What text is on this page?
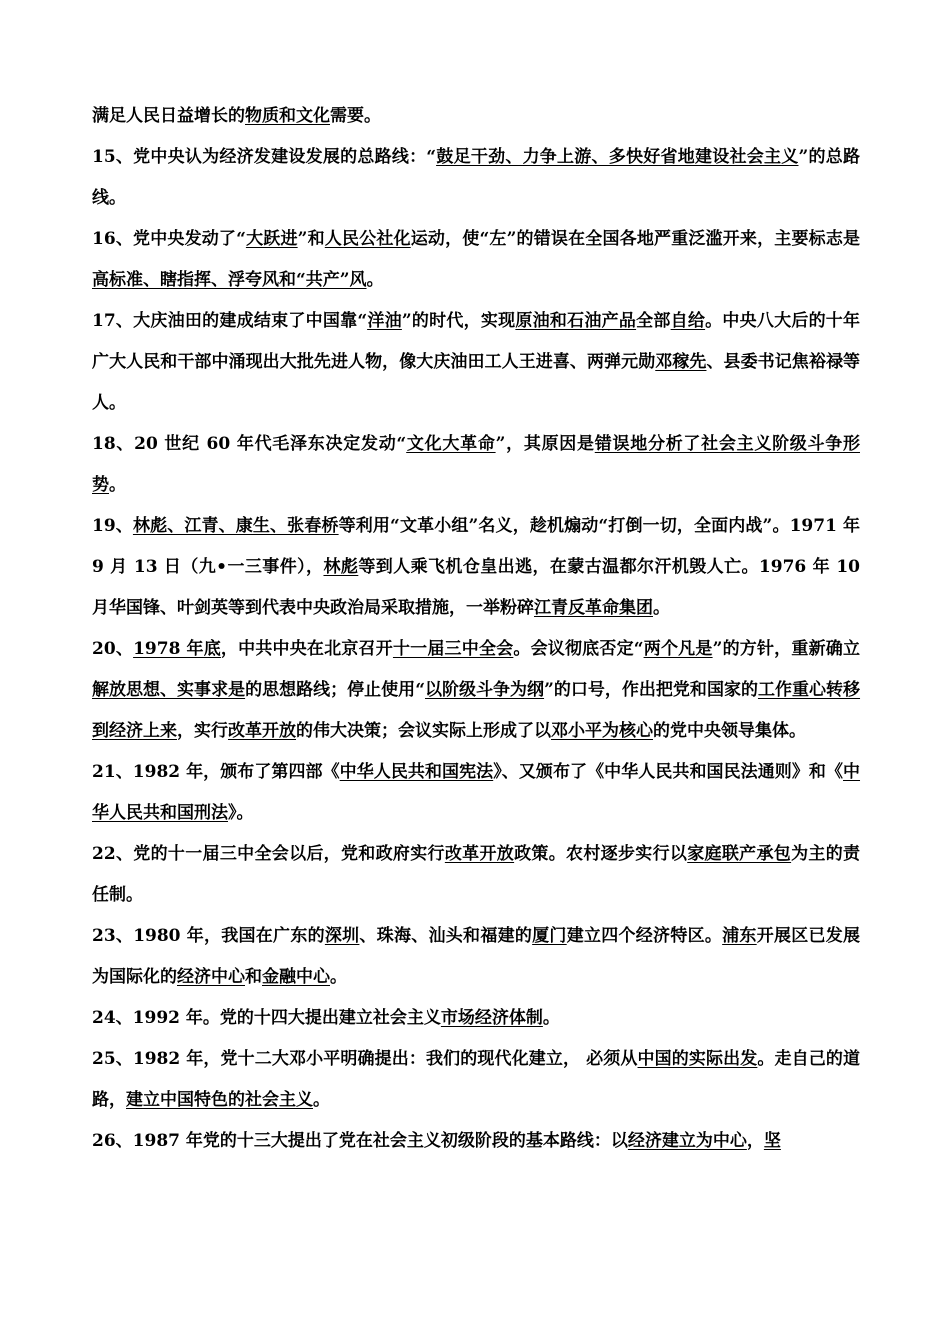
满足人民日益增长的物质和文化需要。

15、党中央认为经济发建设发展的总路线：“鼓足干劲、力争上游、多快好省地建设社会主义”的总路线。

16、党中央发动了“大跃进”和人民公社化运动，使“左”的错误在全国各地严重泛滥开来，主要标志是高标准、瞎指挥、浮夸风和“共产”风。

17、大庆油田的建成结束了中国靠“洋油”的时代，实现原油和石油产品全部自给。中央八大后的十年广大人民和干部中涌现出大批先进人物，像大庆油田工人王进喜、两弹元勋邓稼先、县委书记焦裕禄等人。

18、20 世纪 60 年代毛泽东决定发动“文化大革命”，其原因是错误地分析了社会主义阶级斗争形势。

19、林彪、江青、康生、张春桥等利用“文革小组”名义，趁机煽动“打倒一切，全面内战”。1971 年 9 月 13 日（九•一三事件），林彪等到人乘飞机仓皇出逃，在蒙古温都尔汗机毁人亡。1976 年 10 月华国锋、叶剑英等到代表中央政治局采取措施，一举粉碎江青反革命集团。

20、1978 年底，中共中央在北京召开十一届三中全会。会议彻底否定“两个凡是”的方针，重新确立解放思想、实事求是的思想路线；停止使用“以阶级斗争为纲”的口号，作出把党和国家的工作重心转移到经济上来，实行改革开放的伟大决策；会议实际上形成了以邓小平为核心的党中央领导集体。

21、1982 年，颁布了第四部《中华人民共和国宪法》、又颁布了《中华人民共和国民法通则》和《中华人民共和国刑法》。

22、党的十一届三中全会以后，党和政府实行改革开放政策。农村逐步实行以家庭联产承包为主的责任制。

23、1980 年，我国在广东的深圳、珠海、汕头和福建的厦门建立四个经济特区。浦东开展区已发展为国际化的经济中心和金融中心。

24、1992 年。党的十四大提出建立社会主义市场经济体制。

25、1982 年，党十二大邓小平明确提出：我们的现代化建立， 必须从中国的实际出发。走自己的道路，建立中国特色的社会主义。

26、1987 年党的十三大提出了党在社会主义初级阶段的基本路线：以经济建立为中心，坚
